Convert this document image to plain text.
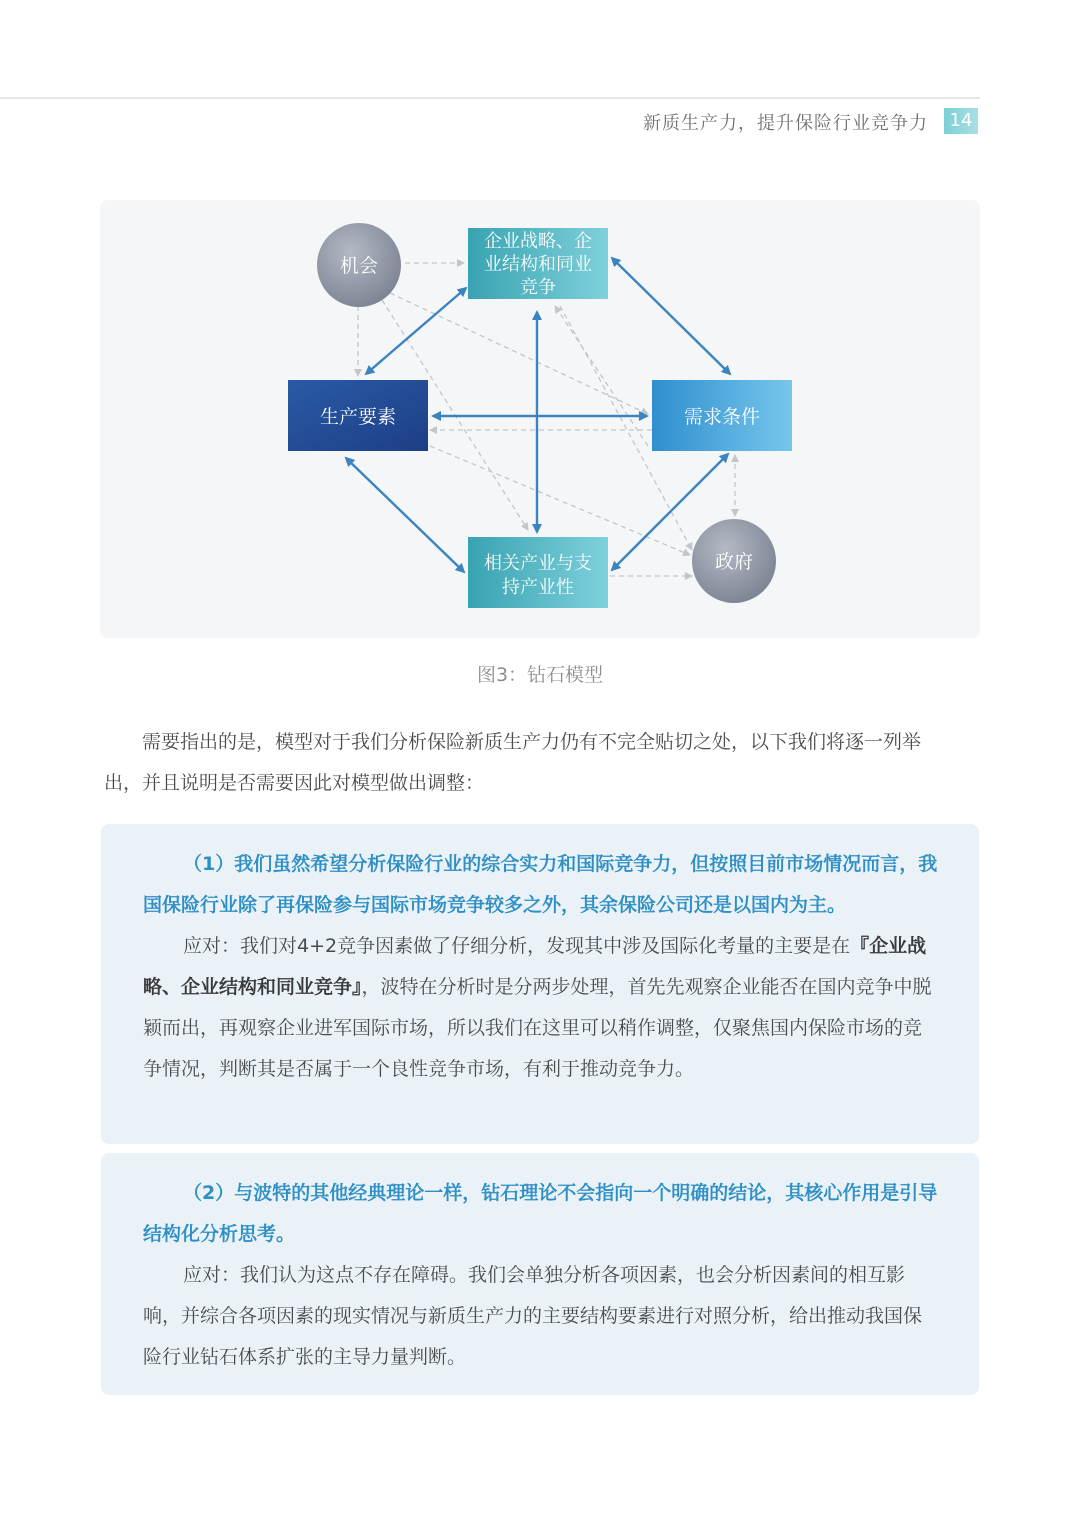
新质生产力，提升保险行业竞争力	14
机会
政府
企业战略、企
业结构和同业
竞争
生产要素	需求条件
相关产业与支
持产业性
图3：钻石模型
需要指出的是，模型对于我们分析保险新质生产力仍有不完全贴切之处，以下我们将逐一列举
出，并且说明是否需要因此对模型做出调整：
（1）我们虽然希望分析保险行业的综合实力和国际竞争力，但按照目前市场情况而言，我国保险行业除了再保险参与国际市场竞争较多之外，其余保险公司还是以国内为主。
应对：我们对4+2竞争因素做了仔细分析，发现其中涉及国际化考量的主要是在『企业战略、企业结构和同业竞争』，波特在分析时是分两步处理，首先先观察企业能否在国内竞争中脱颖而出，再观察企业进军国际市场，所以我们在这里可以稍作调整，仅聚焦国内保险市场的竞争情况，判断其是否属于一个良性竞争市场，有利于推动竞争力。
（2）与波特的其他经典理论一样，钻石理论不会指向一个明确的结论，其核心作用是引导结构化分析思考。
应对：我们认为这点不存在障碍。我们会单独分析各项因素，也会分析因素间的相互影响，并综合各项因素的现实情况与新质生产力的主要结构要素进行对照分析，给出推动我国保险行业钻石体系扩张的主导力量判断。
